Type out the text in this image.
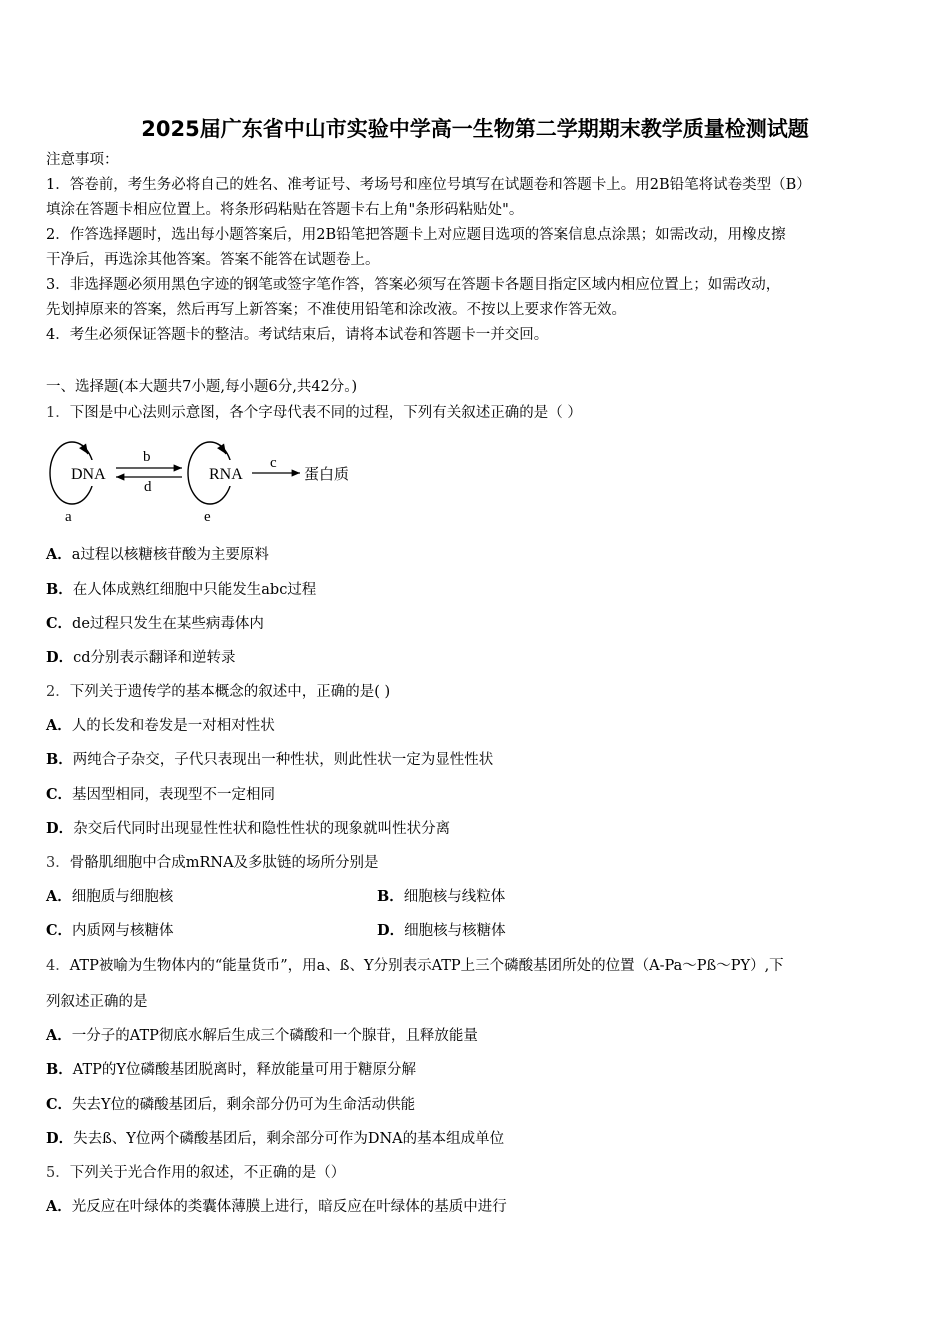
2025届广东省中山市实验中学高一生物第二学期期末教学质量检测试题
注意事项：
1．答卷前，考生务必将自己的姓名、准考证号、考场号和座位号填写在试题卷和答题卡上。用2B铅笔将试卷类型（B）
填涂在答题卡相应位置上。将条形码粘贴在答题卡右上角"条形码粘贴处"。
2．作答选择题时，选出每小题答案后，用2B铅笔把答题卡上对应题目选项的答案信息点涂黑；如需改动，用橡皮擦
干净后，再选涂其他答案。答案不能答在试题卷上。
3．非选择题必须用黑色字迹的钢笔或签字笔作答，答案必须写在答题卡各题目指定区域内相应位置上；如需改动，
先划掉原来的答案，然后再写上新答案；不准使用铅笔和涂改液。不按以上要求作答无效。
4．考生必须保证答题卡的整洁。考试结束后，请将本试卷和答题卡一并交回。
一、选择题(本大题共7小题,每小题6分,共42分。)
1．下图是中心法则示意图，各个字母代表不同的过程，下列有关叙述正确的是（ ）
DNA	RNA
b
d
c
蛋白质
a	e
A．a过程以核糖核苷酸为主要原料
B．在人体成熟红细胞中只能发生abc过程
C．de过程只发生在某些病毒体内
D．cd分别表示翻译和逆转录
2．下列关于遗传学的基本概念的叙述中，正确的是( )
A．人的长发和卷发是一对相对性状
B．两纯合子杂交，子代只表现出一种性状，则此性状一定为显性性状
C．基因型相同，表现型不一定相同
D．杂交后代同时出现显性性状和隐性性状的现象就叫性状分离
3．骨骼肌细胞中合成mRNA及多肽链的场所分别是
A．细胞质与细胞核	B．细胞核与线粒体
C．内质网与核糖体	D．细胞核与核糖体
4．ATP被喻为生物体内的“能量货币”，用a、ß、Y分别表示ATP上三个磷酸基团所处的位置（A-Pa～Pß～PY）,下
列叙述正确的是
A．一分子的ATP彻底水解后生成三个磷酸和一个腺苷，且释放能量
B．ATP的Y位磷酸基团脱离时，释放能量可用于糖原分解
C．失去Y位的磷酸基团后，剩余部分仍可为生命活动供能
D．失去ß、Y位两个磷酸基团后，剩余部分可作为DNA的基本组成单位
5．下列关于光合作用的叙述，不正确的是（）
A．光反应在叶绿体的类囊体薄膜上进行，暗反应在叶绿体的基质中进行
